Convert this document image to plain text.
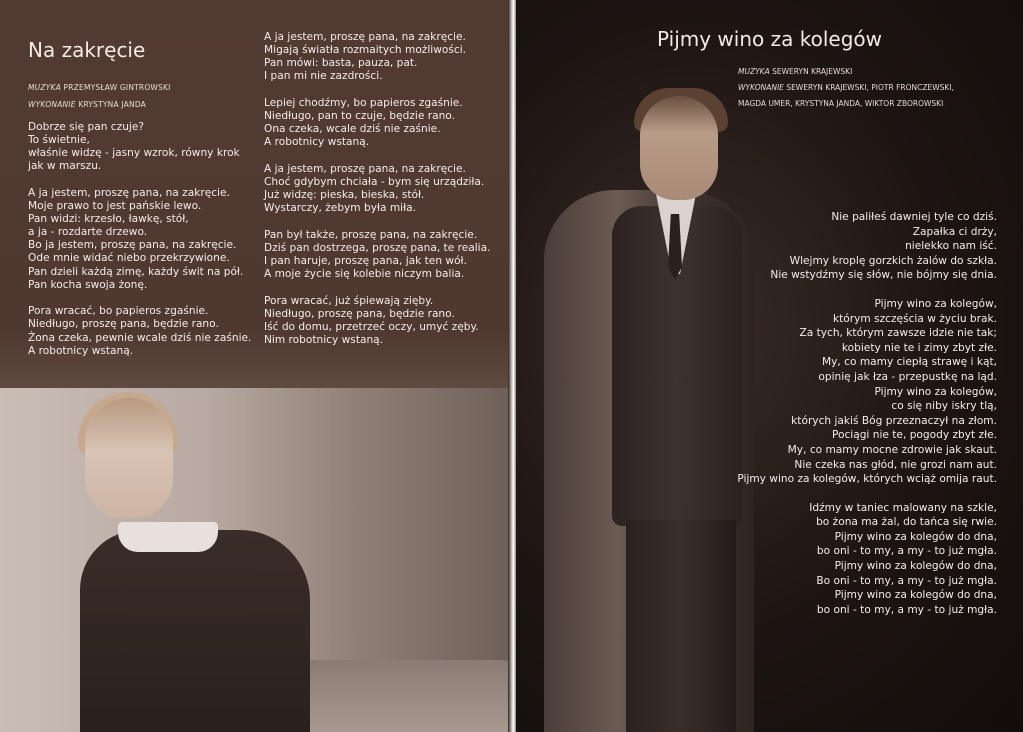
Na zakręcie
MUZYKA PRZEMYSŁAW GINTROWSKI
WYKONANIE KRYSTYNA JANDA

Dobrze się pan czuje?
To świetnie,
właśnie widzę - jasny wzrok, równy krok
jak w marszu.

A ja jestem, proszę pana, na zakręcie.
Moje prawo to jest pańskie lewo.
Pan widzi: krzesło, ławkę, stół,
a ja - rozdarte drzewo.
Bo ja jestem, proszę pana, na zakręcie.
Ode mnie widać niebo przekrzywione.
Pan dzieli każdą zimę, każdy świt na pół.
Pan kocha swoja żonę.

Pora wracać, bo papieros zgaśnie.
Niedługo, proszę pana, będzie rano.
Żona czeka, pewnie wcale dziś nie zaśnie.
A robotnicy wstaną.

A ja jestem, proszę pana, na zakręcie.
Migają światła rozmaitych możliwości.
Pan mówi: basta, pauza, pat.
I pan mi nie zazdrości.

Lepiej chodźmy, bo papieros zgaśnie.
Niedługo, pan to czuje, będzie rano.
Ona czeka, wcale dziś nie zaśnie.
A robotnicy wstaną.

A ja jestem, proszę pana, na zakręcie.
Choć gdybym chciała - bym się urządziła.
Już widzę: pieska, bieska, stół.
Wystarczy, żebym była miła.

Pan był także, proszę pana, na zakręcie.
Dziś pan dostrzega, proszę pana, te realia.
I pan haruje, proszę pana, jak ten wół.
A moje życie się kolebie niczym balia.

Pora wracać, już śpiewają zięby.
Niedługo, proszę pana, będzie rano.
Iść do domu, przetrzeć oczy, umyć zęby.
Nim robotnicy wstaną.

Pijmy wino za kolegów
MUZYKA SEWERYN KRAJEWSKI
WYKONANIE SEWERYN KRAJEWSKI, PIOTR FRONCZEWSKI,
MAGDA UMER, KRYSTYNA JANDA, WIKTOR ZBOROWSKI

Nie paliłeś dawniej tyle co dziś.
Zapałka ci drży,
nielekko nam iść.
Wlejmy kroplę gorzkich żalów do szkła.
Nie wstydźmy się słów, nie bójmy się dnia.

Pijmy wino za kolegów,
którym szczęścia w życiu brak.
Za tych, którym zawsze idzie nie tak;
kobiety nie te i zimy zbyt złe.
My, co mamy ciepłą strawę i kąt,
opinię jak łza - przepustkę na ląd.
Pijmy wino za kolegów,
co się niby iskry tlą,
których jakiś Bóg przeznaczył na złom.
Pociągi nie te, pogody zbyt złe.
My, co mamy mocne zdrowie jak skaut.
Nie czeka nas głód, nie grozi nam aut.
Pijmy wino za kolegów, których wciąż omija raut.

Idźmy w taniec malowany na szkle,
bo żona ma żal, do tańca się rwie.
Pijmy wino za kolegów do dna,
bo oni - to my, a my - to już mgła.
Pijmy wino za kolegów do dna,
Bo oni - to my, a my - to już mgła.
Pijmy wino za kolegów do dna,
bo oni - to my, a my - to już mgła.
